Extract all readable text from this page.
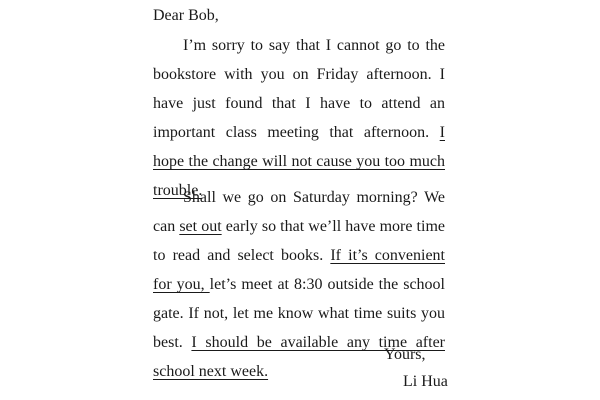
Dear Bob,

I’m sorry to say that I cannot go to the bookstore with you on Friday afternoon. I have just found that I have to attend an important class meeting that afternoon. I hope the change will not cause you too much trouble.

Shall we go on Saturday morning? We can set out early so that we’ll have more time to read and select books. If it’s convenient for you, let’s meet at 8:30 outside the school gate. If not, let me know what time suits you best. I should be available any time after school next week.

Yours,
Li Hua
